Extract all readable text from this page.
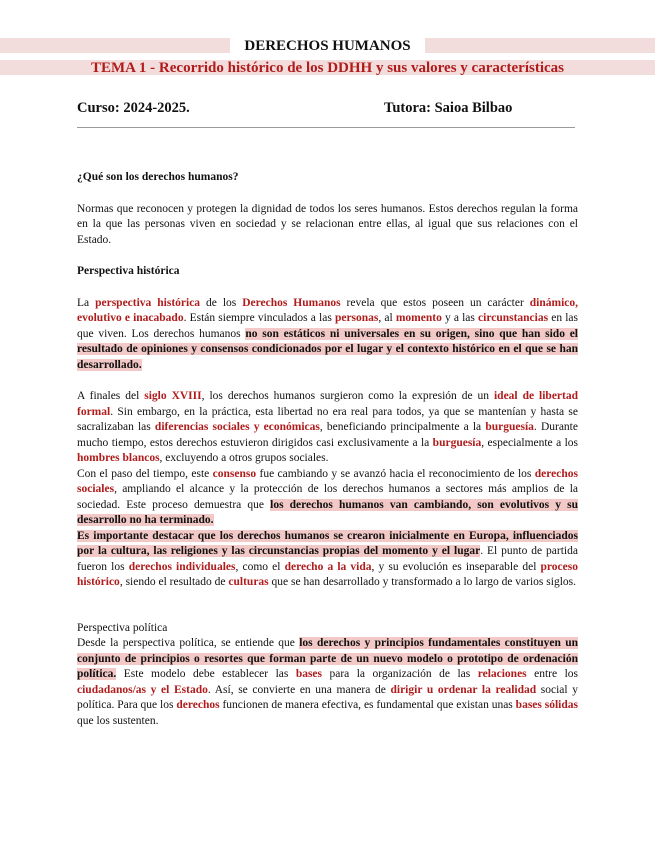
DERECHOS HUMANOS
TEMA 1 - Recorrido histórico de los DDHH y sus valores y características
Curso: 2024-2025.	Tutora: Saioa Bilbao

¿Qué son los derechos humanos?

Normas que reconocen y protegen la dignidad de todos los seres humanos. Estos derechos regulan la forma en la que las personas viven en sociedad y se relacionan entre ellas, al igual que sus relaciones con el Estado.

Perspectiva histórica

La perspectiva histórica de los Derechos Humanos revela que estos poseen un carácter dinámico, evolutivo e inacabado. Están siempre vinculados a las personas, al momento y a las circunstancias en las que viven. Los derechos humanos no son estáticos ni universales en su origen, sino que han sido el resultado de opiniones y consensos condicionados por el lugar y el contexto histórico en el que se han desarrollado.

A finales del siglo XVIII, los derechos humanos surgieron como la expresión de un ideal de libertad formal. Sin embargo, en la práctica, esta libertad no era real para todos, ya que se mantenían y hasta se sacralizaban las diferencias sociales y económicas, beneficiando principalmente a la burguesía. Durante mucho tiempo, estos derechos estuvieron dirigidos casi exclusivamente a la burguesía, especialmente a los hombres blancos, excluyendo a otros grupos sociales.

Con el paso del tiempo, este consenso fue cambiando y se avanzó hacia el reconocimiento de los derechos sociales, ampliando el alcance y la protección de los derechos humanos a sectores más amplios de la sociedad. Este proceso demuestra que los derechos humanos van cambiando, son evolutivos y su desarrollo no ha terminado.

Es importante destacar que los derechos humanos se crearon inicialmente en Europa, influenciados por la cultura, las religiones y las circunstancias propias del momento y el lugar. El punto de partida fueron los derechos individuales, como el derecho a la vida, y su evolución es inseparable del proceso histórico, siendo el resultado de culturas que se han desarrollado y transformado a lo largo de varios siglos.

Perspectiva política

Desde la perspectiva política, se entiende que los derechos y principios fundamentales constituyen un conjunto de principios o resortes que forman parte de un nuevo modelo o prototipo de ordenación política. Este modelo debe establecer las bases para la organización de las relaciones entre los ciudadanos/as y el Estado. Así, se convierte en una manera de dirigir u ordenar la realidad social y política. Para que los derechos funcionen de manera efectiva, es fundamental que existan unas bases sólidas que los sustenten.
